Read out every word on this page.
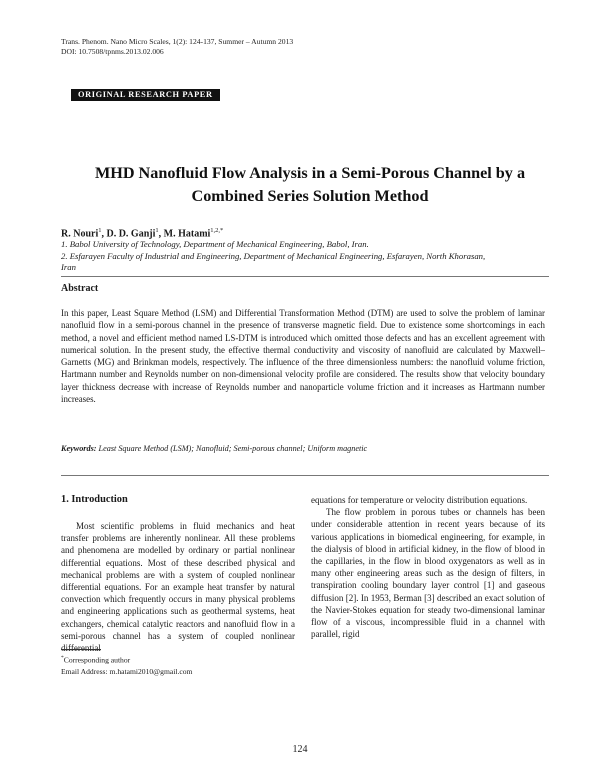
Trans. Phenom. Nano Micro Scales, 1(2): 124-137, Summer – Autumn 2013
DOI: 10.7508/tpnms.2013.02.006
ORIGINAL RESEARCH PAPER
MHD Nanofluid Flow Analysis in a Semi-Porous Channel by a
Combined Series Solution Method
R. Nouri$^1$, D. D. Ganji$^1$, M. Hatami$^{1,2,*}$
1. Babol University of Technology, Department of Mechanical Engineering, Babol, Iran.
2. Esfarayen Faculty of Industrial and Engineering, Department of Mechanical Engineering, Esfarayen, North Khorasan,
Iran
Abstract
In this paper, Least Square Method (LSM) and Differential Transformation Method (DTM) are used to solve the problem of laminar nanofluid flow in a semi-porous channel in the presence of transverse magnetic field. Due to existence some shortcomings in each method, a novel and efficient method named LS-DTM is introduced which omitted those defects and has an excellent agreement with numerical solution. In the present study, the effective thermal conductivity and viscosity of nanofluid are calculated by Maxwell–Garnetts (MG) and Brinkman models, respectively. The influence of the three dimensionless numbers: the nanofluid volume friction, Hartmann number and Reynolds number on non-dimensional velocity profile are considered. The results show that velocity boundary layer thickness decrease with increase of Reynolds number and nanoparticle volume friction and it increases as Hartmann number increases.
Keywords: Least Square Method (LSM); Nanofluid; Semi-porous channel; Uniform magnetic
1. Introduction

Most scientific problems in fluid mechanics and heat transfer problems are inherently nonlinear. All these problems and phenomena are modelled by ordinary or partial nonlinear differential equations. Most of these described physical and mechanical problems are with a system of coupled nonlinear differential equations. For an example heat transfer by natural convection which frequently occurs in many physical problems and engineering applications such as geothermal systems, heat exchangers, chemical catalytic reactors and nanofluid flow in a semi-porous channel has a system of coupled nonlinear differential

equations for temperature or velocity distribution equations.

The flow problem in porous tubes or channels has been under considerable attention in recent years because of its various applications in biomedical engineering, for example, in the dialysis of blood in artificial kidney, in the flow of blood in the capillaries, in the flow in blood oxygenators as well as in many other engineering areas such as the design of filters, in transpiration cooling boundary layer control [1] and gaseous diffusion [2]. In 1953, Berman [3] described an exact solution of the Navier-Stokes equation for steady two-dimensional laminar flow of a viscous, incompressible fluid in a channel with parallel, rigid

*Corresponding author
Email Address: m.hatami2010@gmail.com
124
